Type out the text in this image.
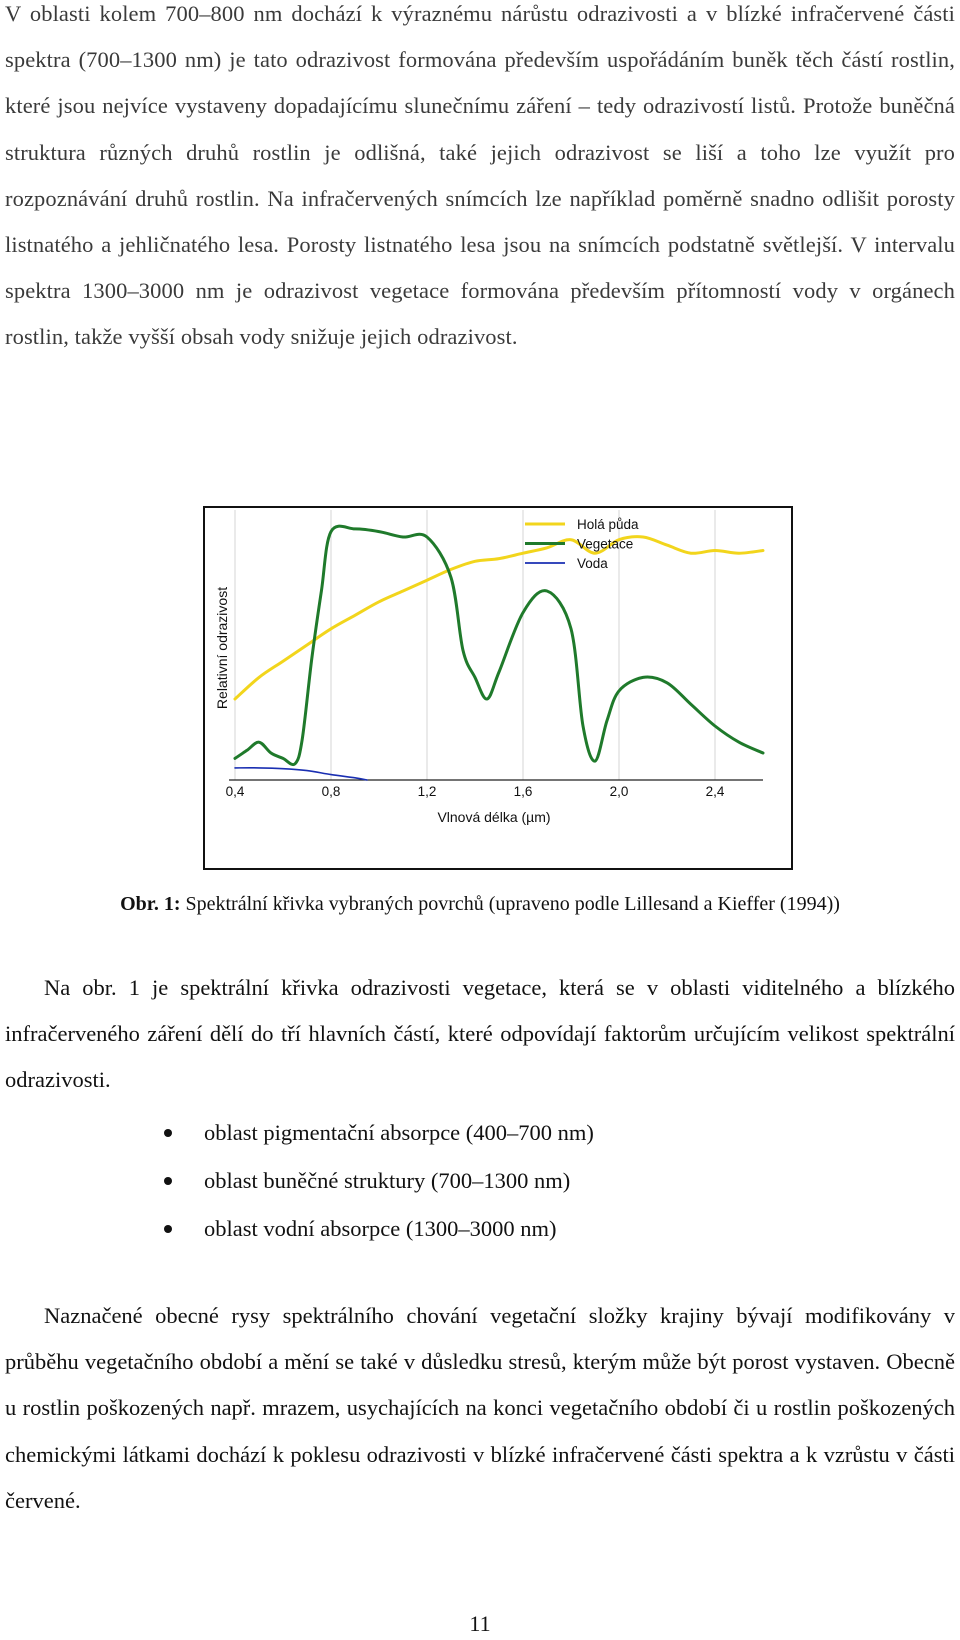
V oblasti kolem 700–800 nm dochází k výraznému nárůstu odrazivosti a v blízké infračervené části spektra (700–1300 nm) je tato odrazivost formována především uspořádáním buněk těch částí rostlin, které jsou nejvíce vystaveny dopadajícímu slunečnímu záření – tedy odrazivostí listů. Protože buněčná struktura různých druhů rostlin je odlišná, také jejich odrazivost se liší a toho lze využít pro rozpoznávání druhů rostlin. Na infračervených snímcích lze například poměrně snadno odlišit porosty listnatého a jehličnatého lesa. Porosty listnatého lesa jsou na snímcích podstatně světlejší. V intervalu spektra 1300–3000 nm je odrazivost vegetace formována především přítomností vody v orgánech rostlin, takže vyšší obsah vody snižuje jejich odrazivost.

0,4	0,8	1,2	1,6	2,0	2,4
Holá půda
Vegetace
Voda
Relativní odrazivost
Vlnová délka (µm)
Obr. 1: Spektrální křivka vybraných povrchů (upraveno podle Lillesand a Kieffer (1994))

Na obr. 1 je spektrální křivka odrazivosti vegetace, která se v oblasti viditelného a blízkého infračerveného záření dělí do tří hlavních částí, které odpovídají faktorům určujícím velikost spektrální odrazivosti.

oblast pigmentační absorpce (400–700 nm)
oblast buněčné struktury (700–1300 nm)
oblast vodní absorpce (1300–3000 nm)

Naznačené obecné rysy spektrálního chování vegetační složky krajiny bývají modifikovány v průběhu vegetačního období a mění se také v důsledku stresů, kterým může být porost vystaven. Obecně u rostlin poškozených např. mrazem, usychajících na konci vegetačního období či u rostlin poškozených chemickými látkami dochází k poklesu odrazivosti v blízké infračervené části spektra a k vzrůstu v části červené.

11
